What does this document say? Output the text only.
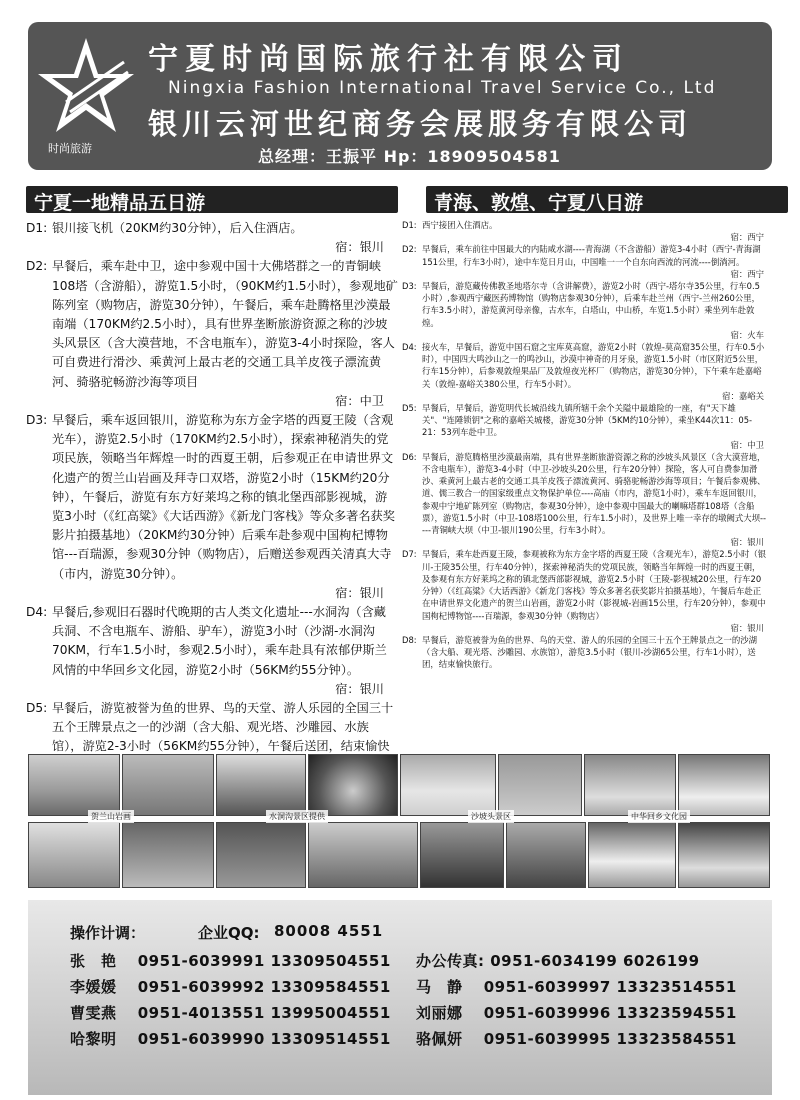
时尚旅游
宁夏时尚国际旅行社有限公司
Ningxia Fashion International Travel Service Co., Ltd
银川云河世纪商务会展服务有限公司
总经理：王振平 Hp：18909504581
宁夏一地精品五日游
D1: 银川接飞机（20KM约30分钟），后入住酒店。
宿：银川
D2: 早餐后，乘车赴中卫，途中参观中国十大佛塔群之一的青铜峡108塔（含游船），游览1.5小时，（90KM约1.5小时），参观地矿陈列室（购物店，游览30分钟），午餐后，乘车赴腾格里沙漠最南端（170KM约2.5小时），具有世界垄断旅游资源之称的沙坡头风景区（含大漠营地，不含电瓶车），游览3-4小时探险，客人可自费进行滑沙、乘黄河上最古老的交通工具羊皮筏子漂流黄河、骑骆驼畅游沙海等项目
宿：中卫
D3: 早餐后，乘车返回银川，游览称为东方金字塔的西夏王陵（含观光车），游览2.5小时（170KM约2.5小时），探索神秘消失的党项民族，领略当年辉煌一时的西夏王朝，后参观正在申请世界文化遗产的贺兰山岩画及拜寺口双塔，游览2小时（15KM约20分钟），午餐后，游览有东方好莱坞之称的镇北堡西部影视城，游览3小时（《红高粱》《大话西游》《新龙门客栈》等众多著名获奖影片拍摄基地）（20KM约30分钟）后乘车赴参观中国枸杞博物馆---百瑞源，参观30分钟（购物店），后赠送参观西关清真大寺（市内，游览30分钟）。
宿：银川
D4: 早餐后,参观旧石器时代晚期的古人类文化遗址---水洞沟（含藏兵洞、不含电瓶车、游船、驴车），游览3小时（沙湖-水洞沟70KM，行车1.5小时，参观2.5小时），乘车赴具有浓郁伊斯兰风情的中华回乡文化园，游览2小时（56KM约55分钟）。
宿：银川
D5: 早餐后，游览被誉为鱼的世界、鸟的天堂、游人乐园的全国三十五个王牌景点之一的沙湖（含大船、观光塔、沙雕园、水族馆），游览2-3小时（56KM约55分钟），午餐后送团，结束愉快
青海、敦煌、宁夏八日游
D1: 西宁接团入住酒店。
宿：西宁
D2: 早餐后，乘车前往中国最大的内陆咸水湖----青海湖（不含游船）游览3-4小时（西宁-青海湖151公里，行车3小时），途中车览日月山，中国唯一一个自东向西流的河流----倒淌河。
宿：西宁
D3: 早餐后，游览藏传佛教圣地塔尔寺（含讲解费），游览2小时（西宁-塔尔寺35公里，行车0.5小时）,参观西宁藏医药博物馆（购物店参观30分钟），后乘车赴兰州（西宁-兰州260公里，行车3.5小时），游览黄河母亲像，古水车，白塔山，中山桥，车览1.5小时）乘坐列车赴敦煌。
宿：火车
D4: 接火车，早餐后，游览中国石窟之宝库莫高窟，游览2小时（敦煌-莫高窟35公里，行车0.5小时），中国四大鸣沙山之一的鸣沙山，沙漠中神奇的月牙泉，游览1.5小时（市区附近5公里，行车15分钟），后参观敦煌果品厂及敦煌夜光杯厂（购物店，游览30分钟），下午乘车赴嘉峪关（敦煌-嘉峪关380公里，行车5小时）。
宿：嘉峪关
D5: 早餐后，早餐后，游览明代长城沿线九镇所辖千余个关隘中最雄险的一座，有"天下雄关"、"连陲锁钥"之称的嘉峪关城楼，游览30分钟（5KM约10分钟），乘坐K44次11：05-21：53列车赴中卫。
宿：中卫
D6: 早餐后，游览腾格里沙漠最南端，具有世界垄断旅游资源之称的沙坡头风景区（含大漠营地，不含电瓶车），游览3-4小时（中卫-沙坡头20公里，行车20分钟）探险，客人可自费参加滑沙、乘黄河上最古老的交通工具羊皮筏子漂流黄河、骑骆驼畅游沙海等项目；午餐后参观佛、道、儒三教合一的国家级重点文物保护单位----高庙（市内，游览1小时），乘车车返回银川，参观中宁地矿陈列室（购物店，参观30分钟），途中参观中国最大的喇嘛塔群108塔（含船票），游览1.5小时（中卫-108塔100公里，行车1.5小时），及世界上唯一幸存的墩阙式大坝-----青铜峡大坝（中卫-银川190公里，行车3小时）。
宿：银川
D7: 早餐后，乘车赴西夏王陵，参观被称为东方金字塔的西夏王陵（含观光车），游览2.5小时（银川-王陵35公里，行车40分钟），探索神秘消失的党项民族，领略当年辉煌一时的西夏王朝，及参观有东方好莱坞之称的镇北堡西部影视城，游览2.5小时（王陵-影视城20公里，行车20分钟）（《红高粱》《大话西游》《新龙门客栈》等众多著名获奖影片拍摄基地），午餐后车赴正在申请世界文化遗产的贺兰山岩画，游览2小时（影视城-岩画15公里，行车20分钟），参观中国枸杞博物馆----百瑞源，参观30分钟（购物店）
宿：银川
D8: 早餐后，游览被誉为鱼的世界、鸟的天堂、游人的乐园的全国三十五个王牌景点之一的沙湖（含大船、观光塔、沙雕园、水族馆），游览3.5小时（银川-沙湖65公里，行车1小时），送团，结束愉快旅行。
贺兰山岩画	水洞沟景区提供	沙坡头景区	中华回乡文化园
操作计调：	企业QQ: 80008 4551
张　艳 0951-6039991 13309504551 办公传真: 0951-6034199 6026199
李媛媛 0951-6039992 13309584551 马　静 0951-6039997 13323514551
曹雯燕 0951-4013551 13995004551 刘丽娜 0951-6039996 13323594551
哈黎明 0951-6039990 13309514551 骆佩妍 0951-6039995 13323584551
